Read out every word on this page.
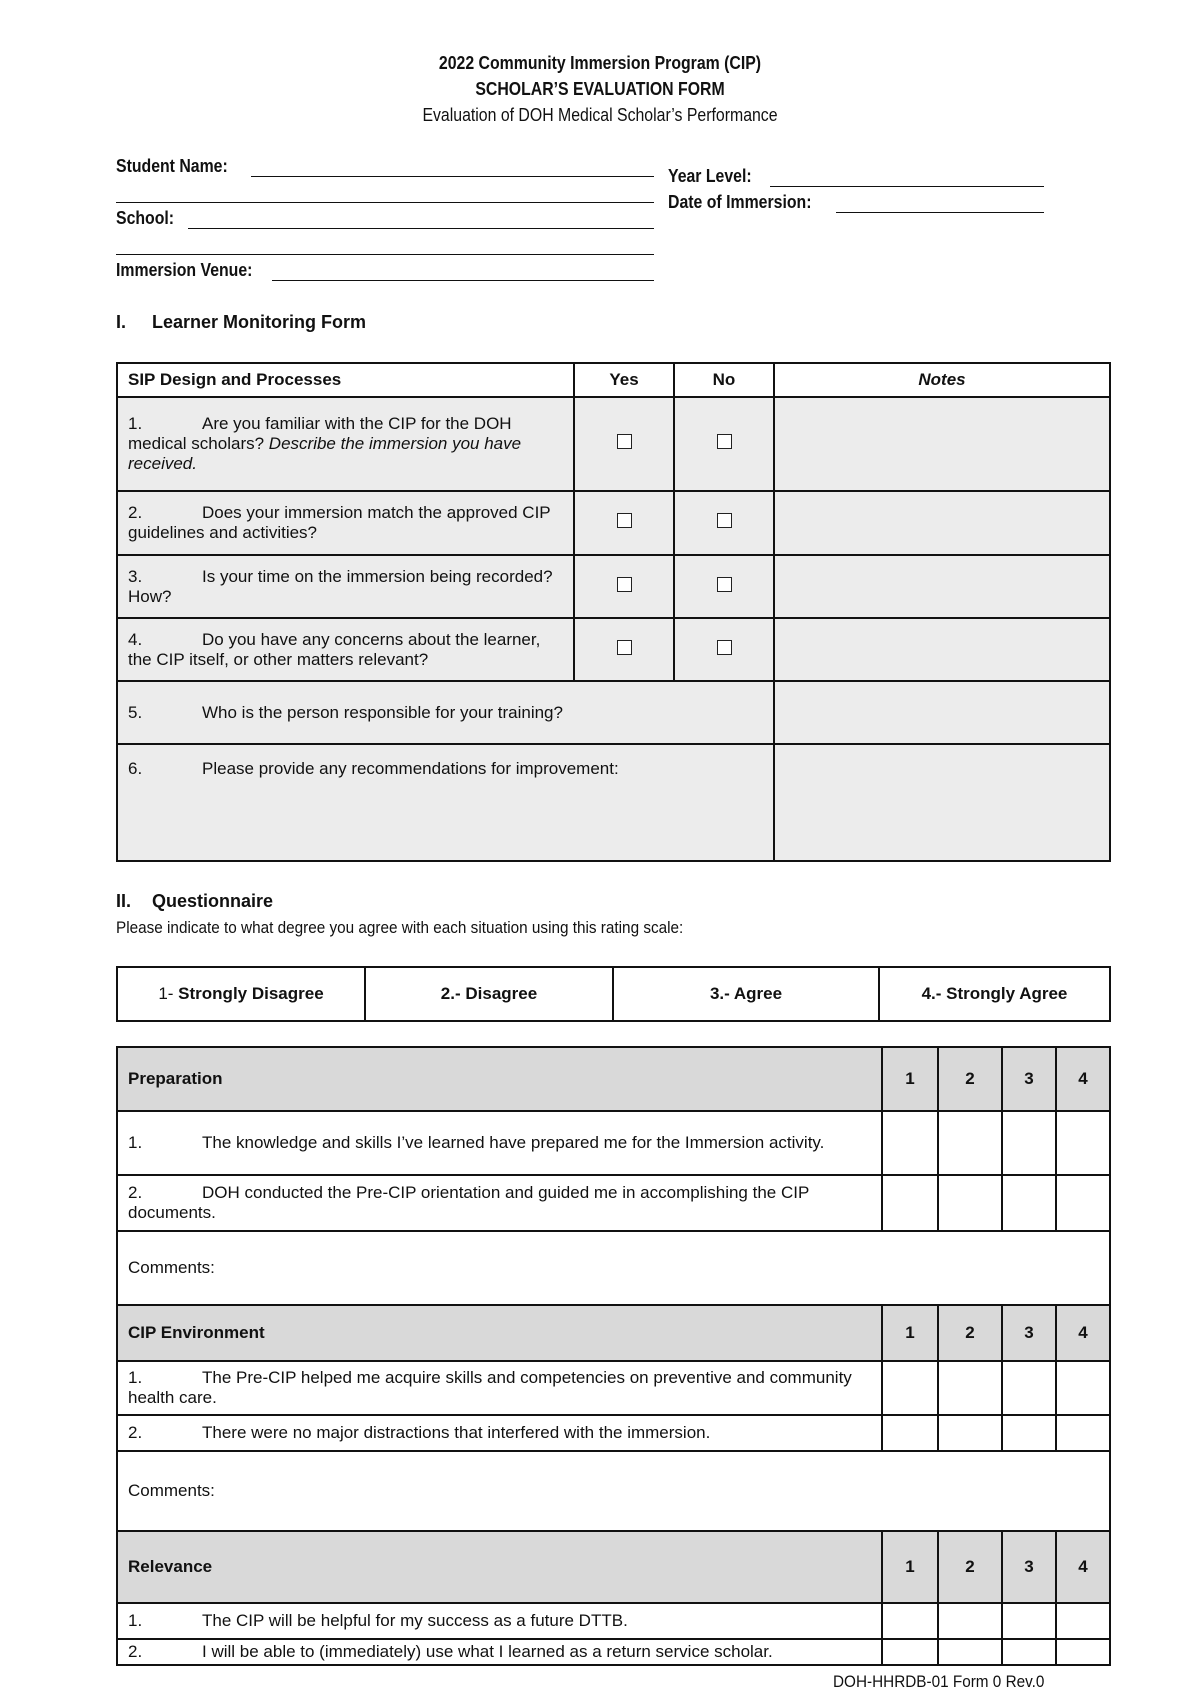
2022 Community Immersion Program (CIP)
SCHOLAR’S EVALUATION FORM
Evaluation of DOH Medical Scholar’s Performance
Student Name:
School:
Immersion Venue:
Year Level:
Date of Immersion:
I. Learner Monitoring Form
SIP Design and Processes	Yes	No	Notes
1. Are you familiar with the CIP for the DOH medical scholars? Describe the immersion you have received.			
2. Does your immersion match the approved CIP guidelines and activities?			
3. Is your time on the immersion being recorded? How?			
4. Do you have any concerns about the learner, the CIP itself, or other matters relevant?			
5. Who is the person responsible for your training?			
6. Please provide any recommendations for improvement:			
II. Questionnaire
Please indicate to what degree you agree with each situation using this rating scale:
1- Strongly Disagree	2.- Disagree	3.- Agree	4.- Strongly Agree
Preparation	1	2	3	4
1. The knowledge and skills I’ve learned have prepared me for the Immersion activity.				
2. DOH conducted the Pre-CIP orientation and guided me in accomplishing the CIP documents.				
Comments:				
CIP Environment	1	2	3	4
1. The Pre-CIP helped me acquire skills and competencies on preventive and community health care.				
2. There were no major distractions that interfered with the immersion.				
Comments:				
Relevance	1	2	3	4
1. The CIP will be helpful for my success as a future DTTB.				
2. I will be able to (immediately) use what I learned as a return service scholar.				
DOH-HHRDB-01 Form 0 Rev.0
